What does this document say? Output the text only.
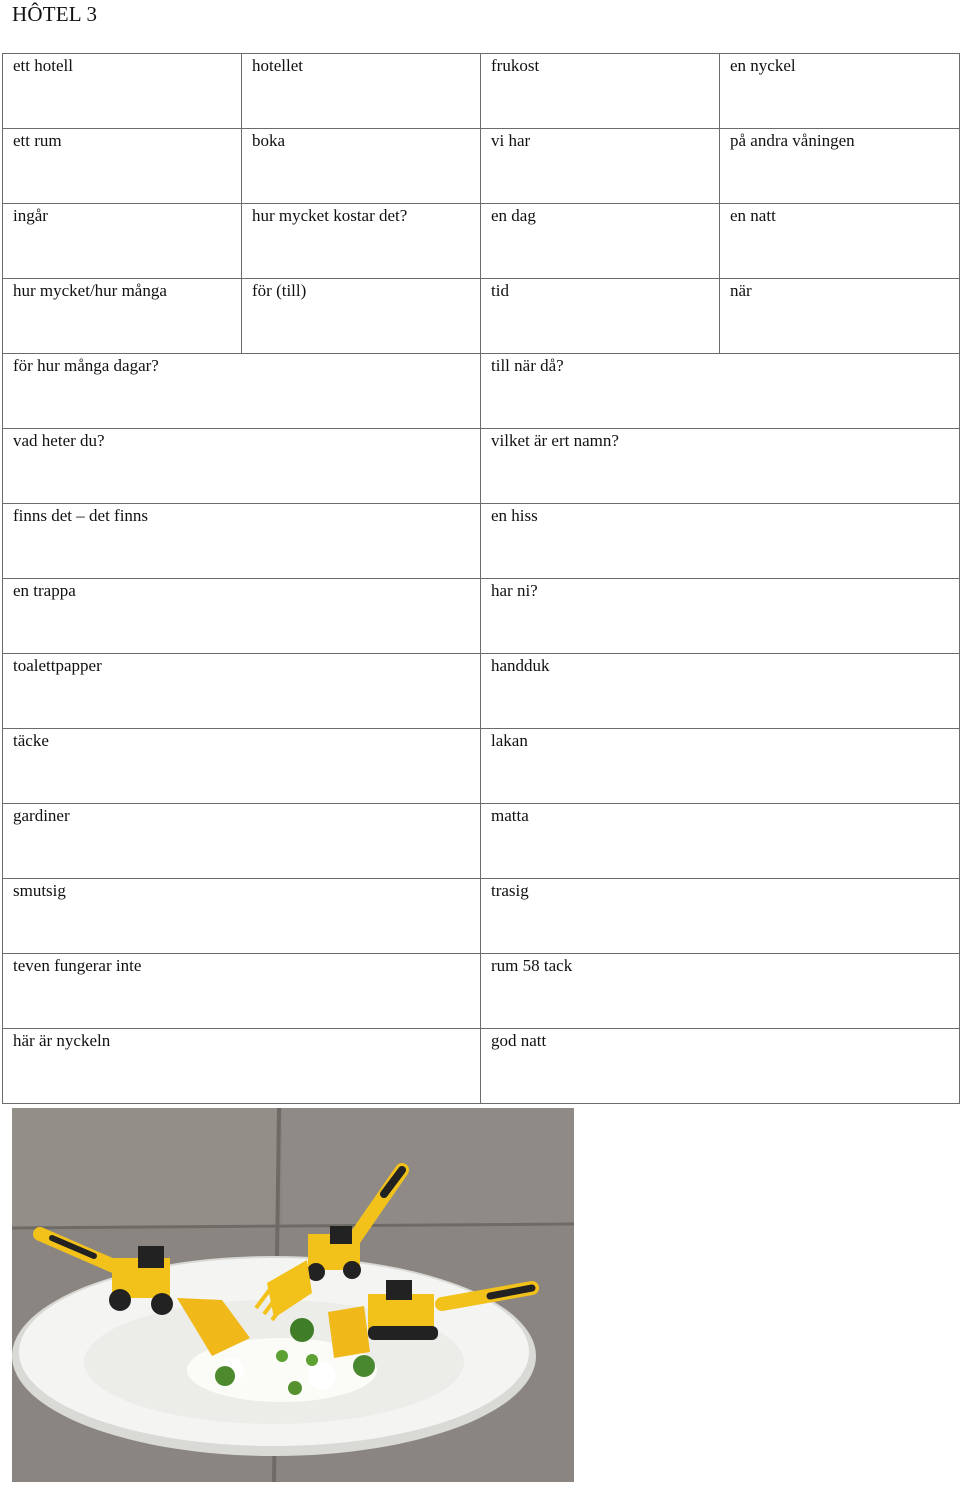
HÔTEL 3
ett hotell	hotellet	frukost	en nyckel

ett rum	boka	vi har	på andra våningen

ingår	hur mycket kostar det?	en dag	en natt

hur mycket/hur många	för (till)	tid	när

för hur många dagar?		till när då?	

vad heter du?		vilket är ert namn?	

finns det – det finns		en hiss	

en trappa		har ni?	

toalettpapper		handduk	

täcke		lakan	

gardiner		matta	

smutsig		trasig	

teven fungerar inte		rum 58 tack	

här är nyckeln		god natt	
